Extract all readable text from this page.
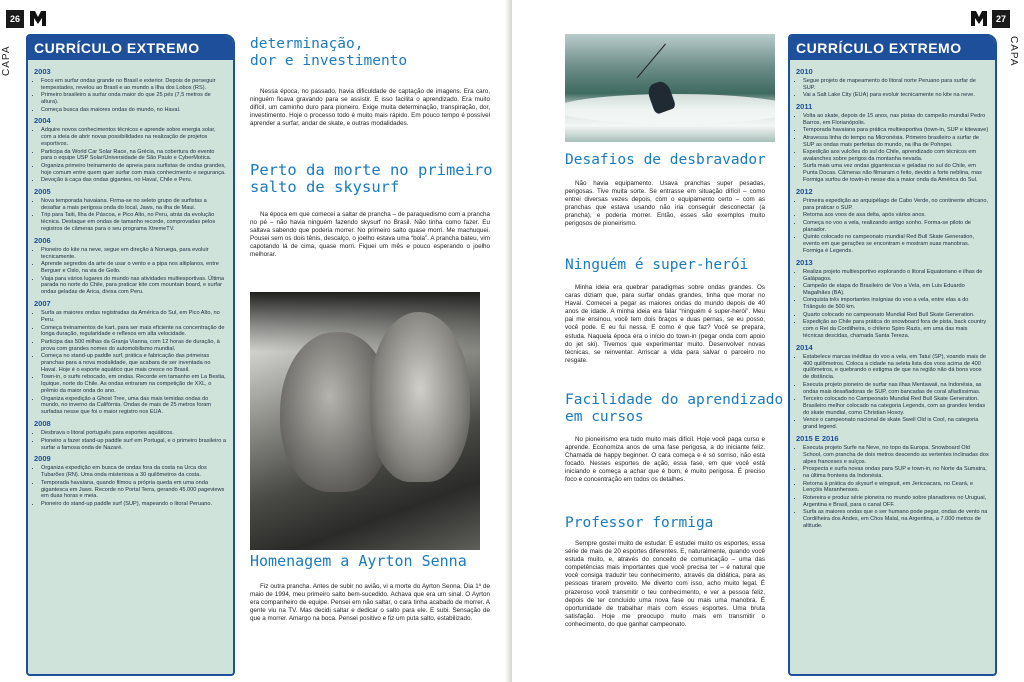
26
CAPA	CURRÍCULO EXTREMO
2003
• Foco em surfar ondas grande no Brasil e exterior. Depois de perseguir tempestades, revelou ao Brasil e ao mundo a Ilha dos Lobos (RS).
• Primeiro brasileiro a surfar onda maior do que 25 pés (7,5 metros de altura).
• Começa busca das maiores ondas do mundo, no Havaí.
2004
• Adquire novos conhecimentos técnicos e aprende sobre energia solar, com a ideia de abrir novas possibilidades na realização de projetos esportivos.
• Participa da World Car Solar Race, na Grécia, na cobertura do evento para o equipe USP Solar/Universidade de São Paulo e CyberMotica.
• Organiza primeiro treinamento de apneia para surfistas de ondas grandes, hoje comum entre quem quer surfar com mais conhecimento e segurança.
• Devoção à caça das ondas gigantes, no Havaí, Chile e Peru.
2005
• Nova temporada havaiana. Firma-se no seleto grupo de surfistas a desafiar a mais perigosa onda do local, Jaws, na ilha de Maui.
• Trip para Taiti, Ilha de Páscoa, e Pico Alto, no Peru, atrás da evolução técnica. Destaque em ondas de tamanho recorde, comprovadas pelos registros de câmeras para o seu programa XtremeTV.
2006
• Pioneiro do kite na neve, segue em direção à Noruega, para evoluir tecnicamente.
• Aprende segredos da arte de usar o vento e a pipa nos altiplanos, entre Berguer e Oslo, na via de Geilo.
• Viaja para vários lugares do mundo nas atividades multiesportivas. Última parada no norte do Chile, para praticar kite com mountain board, e surfar ondas geladas de Arica, divisa com Peru.
2007
• Surfa as maiores ondas registradas da América do Sul, em Pico Alto, no Peru.
• Começa treinamentos de kart, para ser mais eficiente na concentração de longa duração, regularidade e reflexos em alta velocidade.
• Participa das 500 milhas da Granja Vianna, com 12 horas de duração, à prova com grandes nomes do automobilismo mundial.
• Começa no stand-up paddle surf, prática e fabricação das primeiras pranchas para a nova modalidade, que acabara de ser inventada no Havaí. Hoje é o esporte aquático que mais cresce no Brasil.
• Town-in, o surfe rebocado, em ondas. Recorde em tamanho em La Bestia, Iquique, norte do Chile. As ondas entraram na competição de XXL, o prêmio da maior onda do ano.
• Organiza expedição a Ghost Tree, uma das mais temidas ondas do mundo, no inverno da Califórnia. Ondas de mais de 25 metros foram surfadas nesse que foi o maior registro nos EUA.
2008
• Desbrava o litoral português para esportes aquáticos.
• Pioneiro a fazer stand-up paddle surf em Portugal, e o primeiro brasileiro a surfar a famosa onda de Nazaré.
2009
• Organiza expedição em busca de ondas fora da costa na Urca dos Tubarões (RN). Uma onda misteriosa a 30 quilômetros da costa.
• Temporada havaiana, quando filmou a própria queda em uma onda gigantesca em Jaws. Recorde no Portal Terra, gerando 45.000 pageviews em duas horas e meia.
• Pioneiro do stand-up paddle surf (SUP), mapeando o litoral Peruano.
determinação,
dor e investimento

Nessa época, no passado, havia dificuldade de captação de imagens. Era caro, ninguém ficava gravando para se assistir. E isso facilita o aprendizado. Era muito difícil, um caminho duro para pioneiro. Exige muita determinação, transpiração, dor, investimento. Hoje o processo todo é muito mais rápido. Em pouco tempo é possível aprender a surfar, andar de skate, e outras modalidades.

Perto da morte no primeiro
salto de skysurf

Na época em que comecei a saltar de prancha – de paraquedismo com a prancha no pé – não havia ninguém fazendo skysurf no Brasil. Não tinha como fazer. Eu saltava sabendo que poderia morrer. No primeiro salto quase morri. Me machuquei. Pousei sem os dois tênis, descalço, o joelho estava uma “bola”. A prancha bateu, vim capotando lá de cima, quase morri. Fiquei um mês e pouco esperando o joelho melhorar.

Homenagem a Ayrton Senna

Fiz outra prancha. Antes de subir no avião, vi a morte do Ayrton Senna. Dia 1º de maio de 1994, meu primeiro salto bem-sucedido. Achava que era um sinal. O Ayrton era companheiro de equipe. Pensei em não saltar, o cara tinha acabado de morrer. A gente viu na TV. Mas decidi saltar e dedicar o salto para ele. E subi. Sensação de que a morrer. Amargo na boca. Pensei positivo e fiz um puta salto, estabilizado.

27
CAPA
CURRÍCULO EXTREMO
2010
• Segue projeto de mapeamento do litoral norte Peruano para surfar de SUP.
• Vai a Salt Lake City (EUA) para evoluir tecnicamente no kite na neve.
2011
• Volta ao skate, depois de 15 anos, nas pistas do campeão mundial Pedro Barros, em Florianópolis.
• Temporada havaiana para prática multiesportiva (town-in, SUP e kitewave)
• Atravessa linha do tempo na Micronésia. Primeiro brasileiro a surfar de SUP as ondas mais perfeitas do mundo, na ilha de Pohnpei.
• Expedição aos vulcões do sul do Chile, aprendizado com técnicos em avalanches sobre perigos da montanha nevada.
• Surfa mais uma vez ondas gigantescas e geladas no sul do Chile, em Punta Docas. Câmeras não filmaram o feito, devido a forte neblina, mas Formiga surfou de towin-in nesse dia a maior onda da América do Sul.
2012
• Primeira expedição ao arquipélago de Cabo Verde, no continente africano, para praticar o SUP.
• Retorna aos voos de asa delta, após vários anos.
• Começa no voo a vela, realizando antigo sonho. Forma-se piloto de planador.
• Quinto colocado no campeonato mundial Red Bull Skate Generation, evento em que gerações se encontram e mostram suas manobras. Formiga é Legends.
2013
• Realiza projeto multiesportivo explorando o litoral Equatoriano e ilhas de Galápagos.
• Campeão de etapa do Brasileiro de Voo a Vela, em Luis Eduardo Magalhães (BA).
• Conquista três importantes insígnias do voo a vela, entre elas a do Triângulo de 500 km.
• Quarto colocado no campeonato Mundial Red Bull Skate Generation.
• Expedição ao Chile para prática do snowboard fora de pista, back country com o Rei da Cordilheira, o chileno Spiro Razis, em uma das mais técnicas descidas, chamada Santa Tereza.
2014
• Estabelece marcas inéditas do voo a vela, em Tatuí (SP), voando mais de 400 quilômetros. Coloca a cidade na seleta lista dos voos acima de 400 quilômetros, e quebrando o estigma de que na região não dá bons voos de distância.
• Executa projeto pioneiro de surfar nas ilhas Mentawaii, na Indonésia, as ondas mais desafiadoras de SUP, com bancadas de coral afiadíssimas.
• Terceiro colocado no Campeonato Mundial Red Bull Skate Generation. Brasileiro melhor colocado na categoria Legends, com as grandes lendas do skate mundial, como Christian Hosoy.
• Vence o campeonato nacional de skate Swell Old is Cool, na categoria grand legend.
2015 E 2016
• Executa projeto Surfe na Neve, no topo da Europa. Snowboard Old School, com prancha de dois metros descendo as vertentes inclinadas dos alpes franceses e suíços.
• Prospecta e surfa novas ondas para SUP e town-in, no Norte da Sumatra, na última fronteira da Indonésia.
• Retorna à prática do skysurf e wingsuit, em Jericoacara, no Ceará, e Lençóis Maranhenses.
• Rotereira e produz série pioneira no mundo sobre planadores no Uruguai, Argentina e Brasil, para o canal OFF.
• Surfa as maiores ondas que o ser humano pode pegar, ondas de vento na Cordilheira dos Andes, em Chos Malal, na Argentina, a 7.000 metros de altitude.
Desafios de desbravador

Não havia equipamento. Usava pranchas super pesadas, perigosas. Tive muita sorte. Se entrasse em situação difícil – como entrei diversas vezes depois, com o equipamento certo – com as pranchas que estava usando não iria conseguir desconectar (a prancha), e poderia morrer. Então, esses são exemplos muito perigosos de pioneirismo.

Ninguém é super-herói

Minha ideia era quebrar paradigmas sobre ondas grandes. Os caras diziam que, para surfar ondas grandes, tinha que morar no Havaí. Comecei a pegar as maiores ondas do mundo depois de 40 anos de idade. A minha ideia era falar “ninguém é super-herói”. Meu pai me ensinou, você tem dois braços e duas pernas, se eu posso, você pode. E eu fui nessa. E como é que faz? Você se prepara, estuda. Naquela época era o início do town-in (pegar onda com apoio do jet ski). Tivemos que experimentar muito. Desenvolver novas técnicas, se reinventar. Arriscar a vida para salvar o parceiro no resgate.

Facilidade do aprendizado
em cursos

No pioneirismo era tudo muito mais difícil. Hoje você paga curso e aprende. Economiza anos de uma fase perigosa, a do iniciante feliz. Chamada de happy beginner. O cara começa e é só sorriso, não está focado. Nesses esportes de ação, essa fase, em que você está iniciando e começa a achar que é bom, é muito perigosa. É preciso foco e concentração em todos os detalhes.

Professor formiga

Sempre gostei muito de estudar. E estudei muito os esportes, essa série de mais de 20 esportes diferentes. E, naturalmente, quando você estuda muito, e, através do conceito de comunicação – uma das competências mais importantes que você precisa ter – é natural que você consiga traduzir teu conhecimento, através da didática, para as pessoas tirarem proveito. Me diverto com isso, acho muito legal. É prazeroso você transmitir o teu conhecimento, e ver a pessoa feliz, depois de ter concluído uma nova fase ou mais uma manobra. É oportunidade de trabalhar mais com esses esportes. Uma bruta satisfação. Hoje me preocupo muito mais em transmitir o conhecimento, do que ganhar campeonato.
